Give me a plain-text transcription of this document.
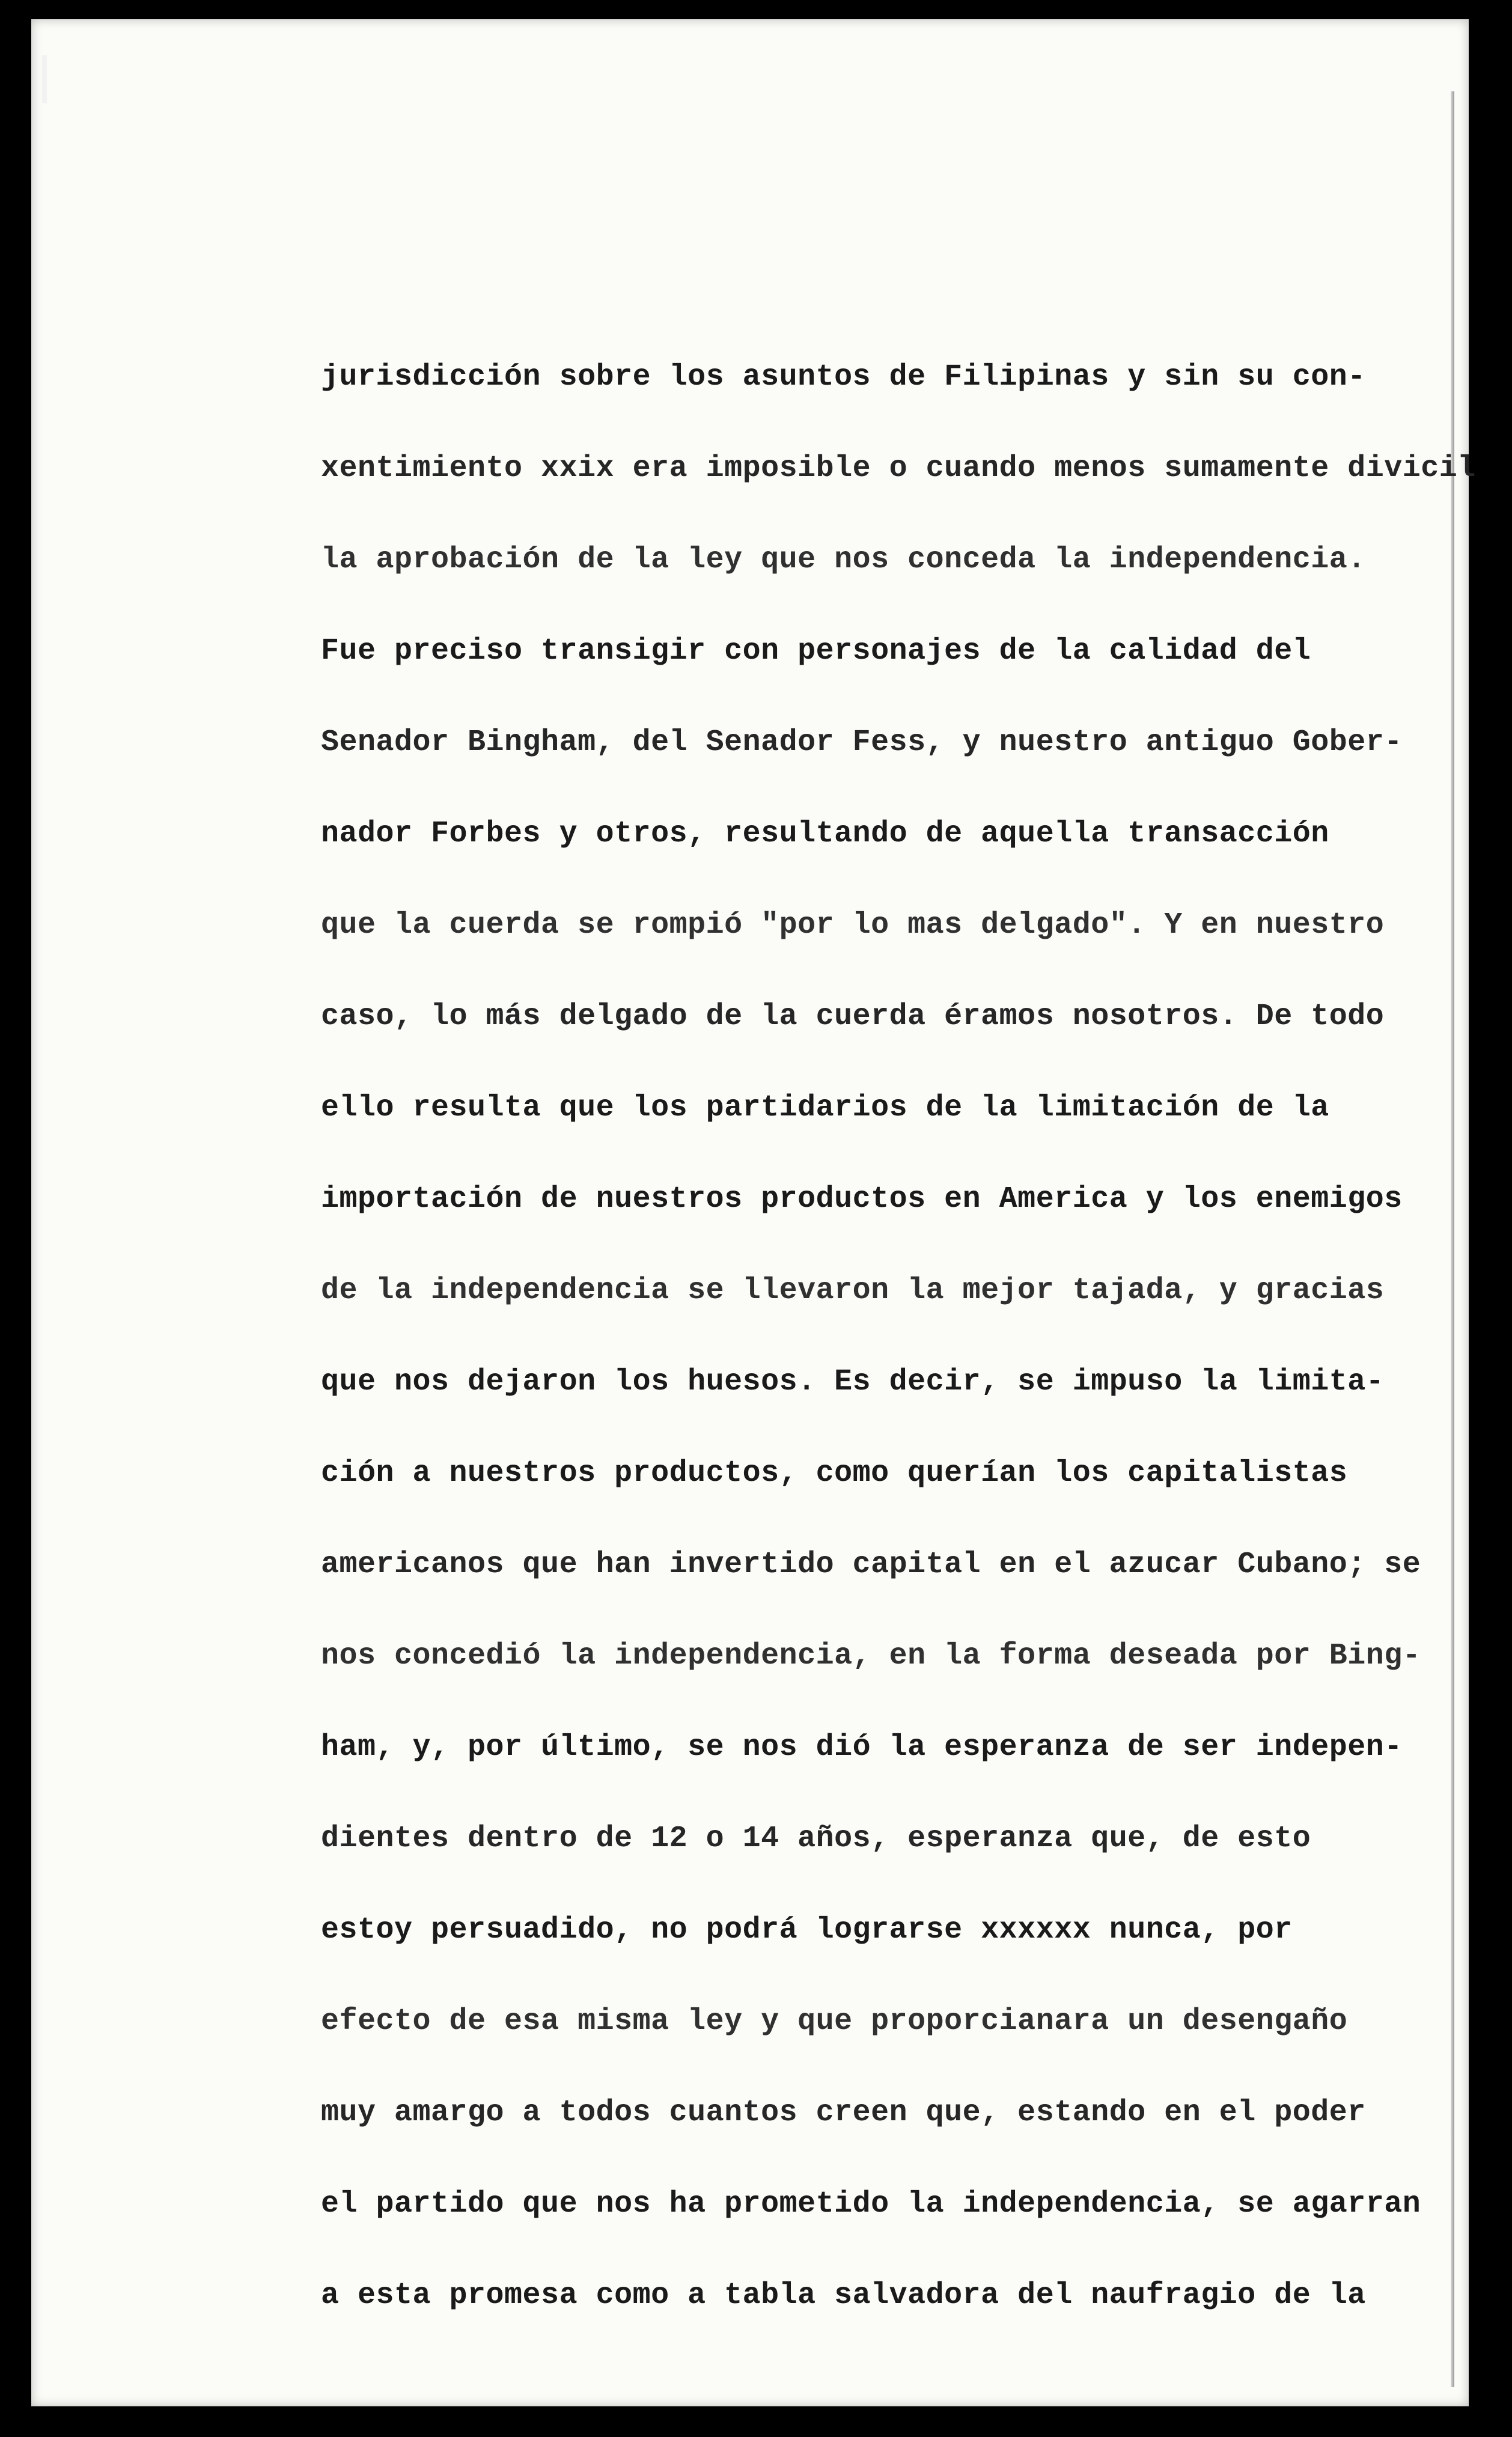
jurisdicción sobre los asuntos de Filipinas y sin su con-
xentimiento xxix era imposible o cuando menos sumamente divicil
la aprobación de la ley que nos conceda la independencia.
Fue preciso transigir con personajes de la calidad del
Senador Bingham, del Senador Fess, y nuestro antiguo Gober-
nador Forbes y otros, resultando de aquella transacción
que la cuerda se rompió "por lo mas delgado". Y en nuestro
caso, lo más delgado de la cuerda éramos nosotros. De todo
ello resulta que los partidarios de la limitación de la
importación de nuestros productos en America y los enemigos
de la independencia se llevaron la mejor tajada, y gracias
que nos dejaron los huesos. Es decir, se impuso la limita-
ción a nuestros productos, como querían los capitalistas
americanos que han invertido capital en el azucar Cubano; se
nos concedió la independencia, en la forma deseada por Bing-
ham, y, por último, se nos dió la esperanza de ser indepen-
dientes dentro de 12 o 14 años, esperanza que, de esto
estoy persuadido, no podrá lograrse xxxxxx nunca, por
efecto de esa misma ley y que proporcianara un desengaño
muy amargo a todos cuantos creen que, estando en el poder
el partido que nos ha prometido la independencia, se agarran
a esta promesa como a tabla salvadora del naufragio de la
